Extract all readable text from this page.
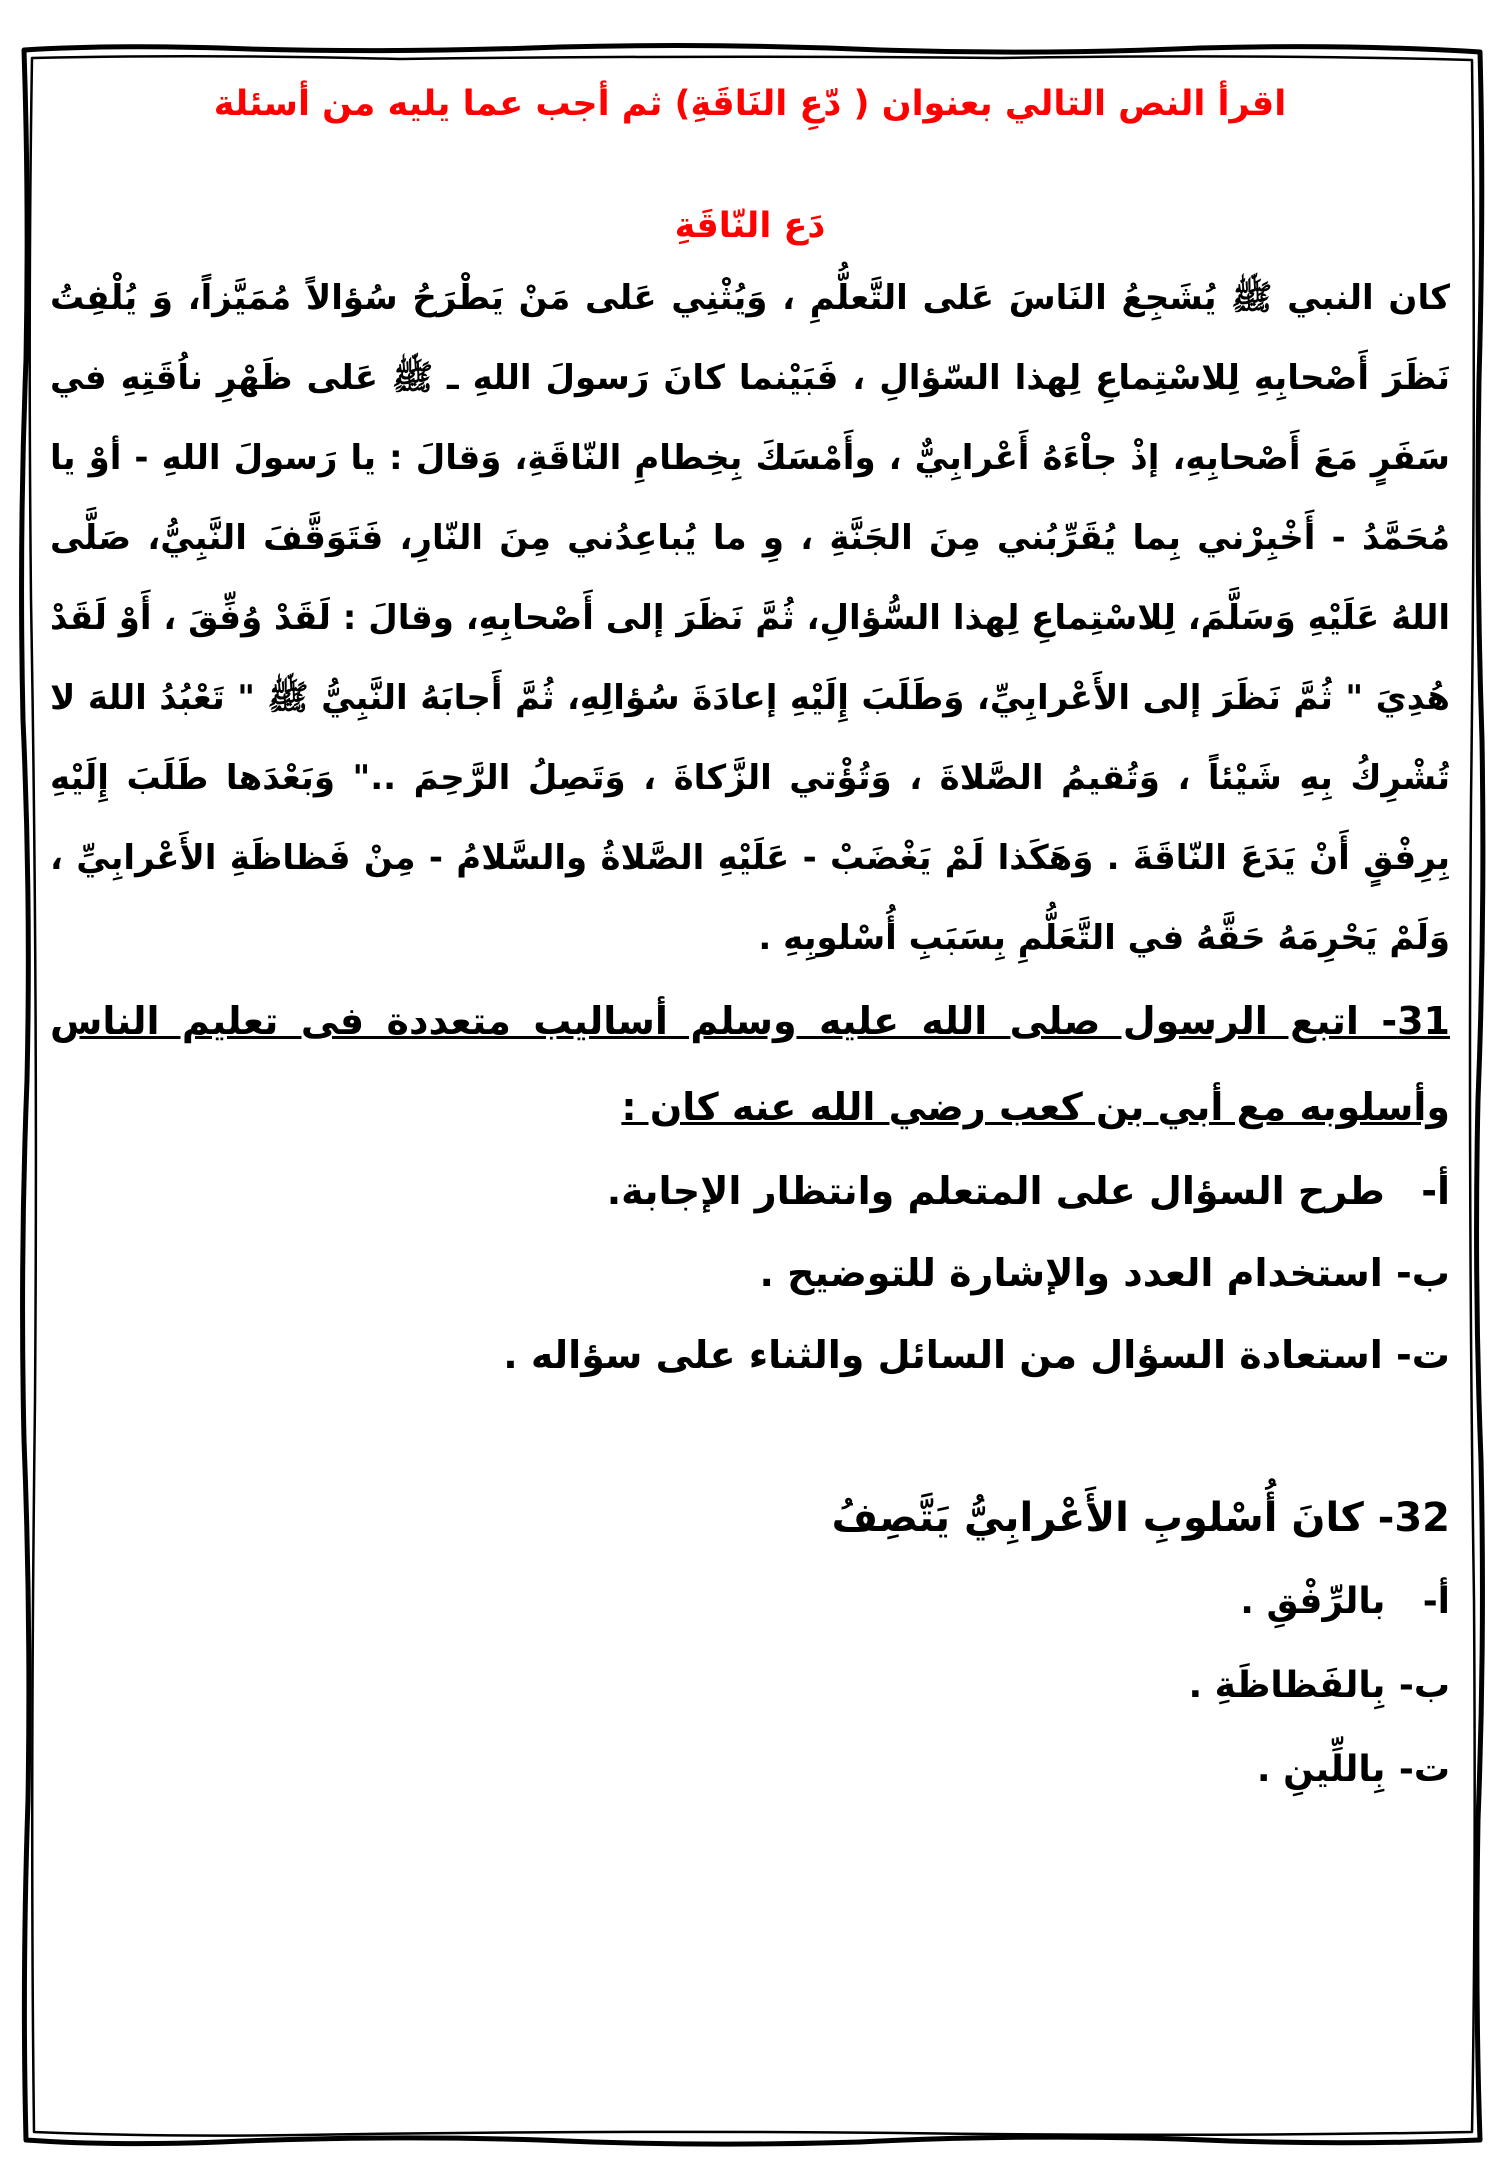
اقرأ النص التالي بعنوان ( دّعِ النَاقَةِ) ثم أجب عما يليه من أسئلة

دَع النّاقَةِ

كان النبي ﷺ يُشَجِعُ النَاسَ عَلى التَّعلُّمِ ، وَيُثْنِي عَلى مَنْ يَطْرَحُ سُؤالاً مُمَيَّزاً، وَ يُلْفِتُ نَظَرَ أَصْحابِهِ لِلاسْتِماعِ لِهذا السّؤالِ ، فَبَيْنما كانَ رَسولَ اللهِ ـ ﷺ عَلى ظَهْرِ ناُقَتِهِ في سَفَرٍ مَعَ أَصْحابِهِ، إذْ جاْءَهُ أَعْرابِيٌّ ، وأَمْسَكَ بِخِطامِ النّاقَةِ، وَقالَ : يا رَسولَ اللهِ - أوْ يا مُحَمَّدُ - أَخْبِرْني بِما يُقَرِّبُني مِنَ الجَنَّةِ ، وِ ما يُباعِدُني مِنَ النّارِ، فَتَوَقَّفَ النَّبِيُّ، صَلَّى اللهُ عَلَيْهِ وَسَلَّمَ، لِلاسْتِماعِ لِهذا السُّؤالِ، ثُمَّ نَظَرَ إلى أَصْحابِهِ، وقالَ : لَقَدْ وُفِّقَ ، أَوْ لَقَدْ هُدِيَ " ثُمَّ نَظَرَ إلى الأَعْرابِيِّ، وَطَلَبَ إِلَيْهِ إعادَةَ سُؤالِهِ، ثُمَّ أَجابَهُ النَّبِيُّ ﷺ " تَعْبُدُ اللهَ لا تُشْرِكُ بِهِ شَيْئاً ، وَتُقيمُ الصَّلاةَ ، وَتُؤْتي الزَّكاةَ ، وَتَصِلُ الرَّحِمَ .." وَبَعْدَها طَلَبَ إِلَيْهِ بِرِفْقٍ أَنْ يَدَعَ النّاقَةَ . وَهَكَذا لَمْ يَغْضَبْ - عَلَيْهِ الصَّلاةُ والسَّلامُ - مِنْ فَظاظَةِ الأَعْرابِيِّ ، وَلَمْ يَحْرِمَهُ حَقَّهُ في التَّعَلُّمِ بِسَبَبِ أُسْلوبِهِ .

31- اتبع الرسول صلى الله عليه وسلم أساليب متعددة فى تعليم الناس وأسلوبه مع أبي بن كعب رضي الله عنه كان :

أ- طرح السؤال على المتعلم وانتظار الإجابة.
ب- استخدام العدد والإشارة للتوضيح .
ت- استعادة السؤال من السائل والثناء على سؤاله .

32- كانَ أُسْلوبِ الأَعْرابِيُّ يَتَّصِفُ

أ- بالرِّفْقِ .
ب- بِالفَظاظَةِ .
ت- بِاللِّينِ .
